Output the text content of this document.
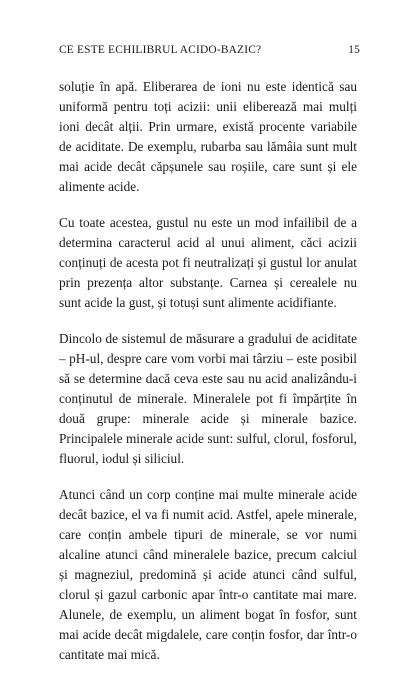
CE ESTE ECHILIBRUL ACIDO-BAZIC?	15

soluție în apă. Eliberarea de ioni nu este identică sau uniformă pentru toți acizii: unii eliberează mai mulți ioni decât alții. Prin urmare, există procente variabile de aciditate. De exemplu, rubarba sau lămâia sunt mult mai acide decât căpșunele sau roșiile, care sunt și ele alimente acide.

Cu toate acestea, gustul nu este un mod infailibil de a determina caracterul acid al unui aliment, căci acizii conținuți de acesta pot fi neutralizați și gustul lor anulat prin prezența altor substanțe. Carnea și cerealele nu sunt acide la gust, și totuși sunt alimente acidifiante.

Dincolo de sistemul de măsurare a gradului de aciditate – pH-ul, despre care vom vorbi mai târziu – este posibil să se determine dacă ceva este sau nu acid analizându-i conținutul de minerale. Mineralele pot fi împărțite în două grupe: minerale acide și minerale bazice. Principalele minerale acide sunt: sulful, clorul, fosforul, fluorul, iodul și siliciul.

Atunci când un corp conține mai multe minerale acide decât bazice, el va fi numit acid. Astfel, apele minerale, care conțin ambele tipuri de minerale, se vor numi alcaline atunci când mineralele bazice, precum calciul și magneziul, predomină și acide atunci când sulful, clorul și gazul carbonic apar într-o cantitate mai mare. Alunele, de exemplu, un aliment bogat în fosfor, sunt mai acide decât migdalele, care conțin fosfor, dar într-o cantitate mai mică.
